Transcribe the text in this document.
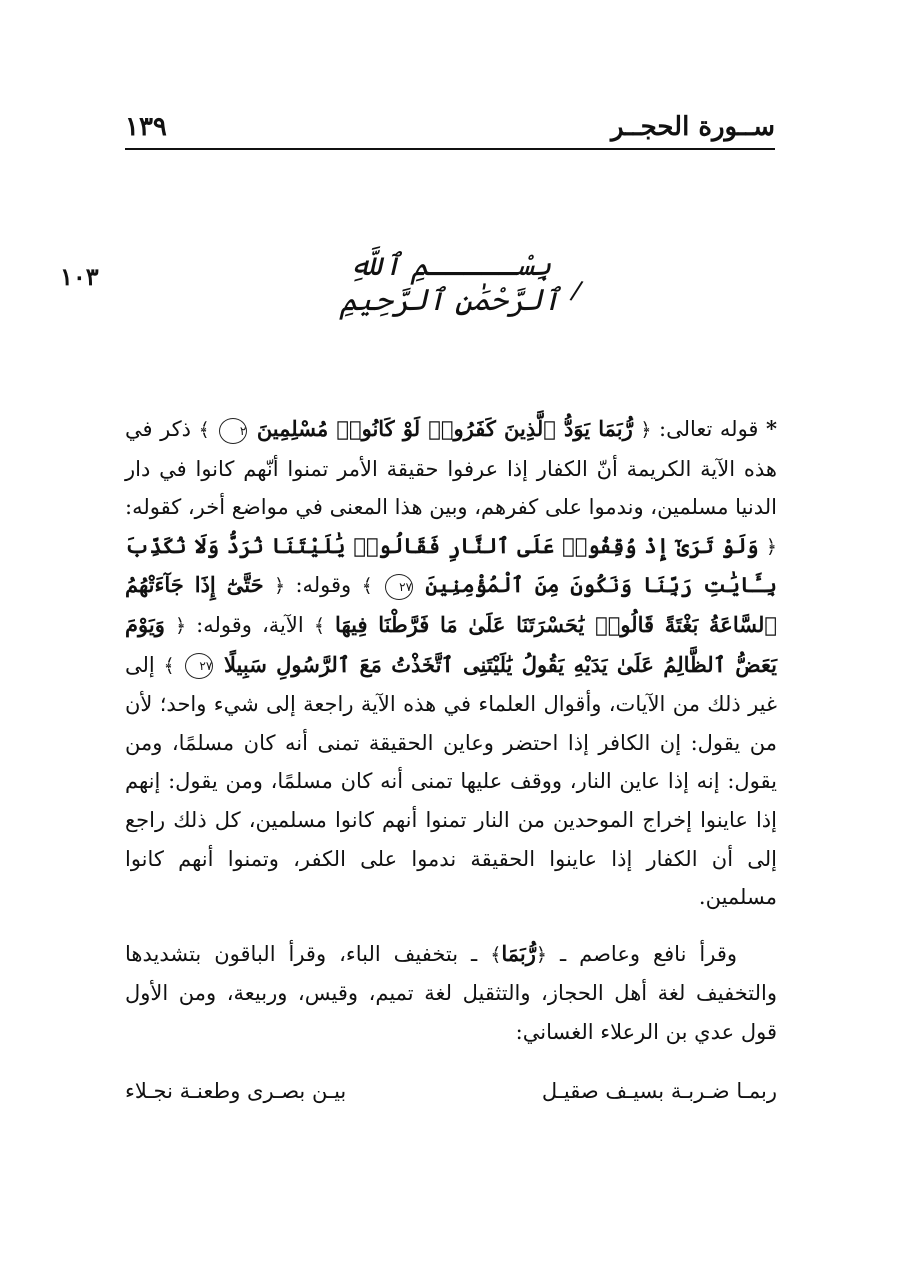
ســورة الحجــر
١٣٩
١٠٣	بِسْـــــمِ ٱللَّهِ ٱلرَّحْمَٰنِ ٱلرَّحِيمِ /

* قوله تعالى: ﴿ رُّبَمَا يَوَدُّ ٱلَّذِينَ كَفَرُوا۟ لَوْ كَانُوا۟ مُسْلِمِينَ ٢ ﴾ ذكر في هذه الآية الكريمة أنّ الكفار إذا عرفوا حقيقة الأمر تمنوا أنّهم كانوا في دار الدنيا مسلمين، وندموا على كفرهم، وبين هذا المعنى في مواضع أخر، كقوله: ﴿ وَلَوْ تَرَىٰٓ إِذْ وُقِفُوا۟ عَلَى ٱلنَّارِ فَقَالُوا۟ يَٰلَيْتَنَا نُرَدُّ وَلَا نُكَذِّبَ بِـَٔايَٰتِ رَبِّنَا وَنَكُونَ مِنَ ٱلْمُؤْمِنِينَ ٢٧ ﴾ وقوله: ﴿ حَتَّىٰٓ إِذَا جَآءَتْهُمُ ٱلسَّاعَةُ بَغْتَةً قَالُوا۟ يَٰحَسْرَتَنَا عَلَىٰ مَا فَرَّطْنَا فِيهَا ﴾ الآية، وقوله: ﴿ وَيَوْمَ يَعَضُّ ٱلظَّالِمُ عَلَىٰ يَدَيْهِ يَقُولُ يَٰلَيْتَنِى ٱتَّخَذْتُ مَعَ ٱلرَّسُولِ سَبِيلًا ٢٧ ﴾ إلى غير ذلك من الآيات، وأقوال العلماء في هذه الآية راجعة إلى شيء واحد؛ لأن من يقول: إن الكافر إذا احتضر وعاين الحقيقة تمنى أنه كان مسلمًا، ومن يقول: إنه إذا عاين النار، ووقف عليها تمنى أنه كان مسلمًا، ومن يقول: إنهم إذا عاينوا إخراج الموحدين من النار تمنوا أنهم كانوا مسلمين، كل ذلك راجع إلى أن الكفار إذا عاينوا الحقيقة ندموا على الكفر، وتمنوا أنهم كانوا مسلمين.

وقرأ نافع وعاصم ـ ﴿رُّبَمَا﴾ ـ بتخفيف الباء، وقرأ الباقون بتشديدها والتخفيف لغة أهل الحجاز، والتثقيل لغة تميم، وقيس، وربيعة، ومن الأول قول عدي بن الرعلاء الغساني:

ربمـا ضـربـة بسيـف صقيـل
بيـن بصـرى وطعنـة نجـلاء
